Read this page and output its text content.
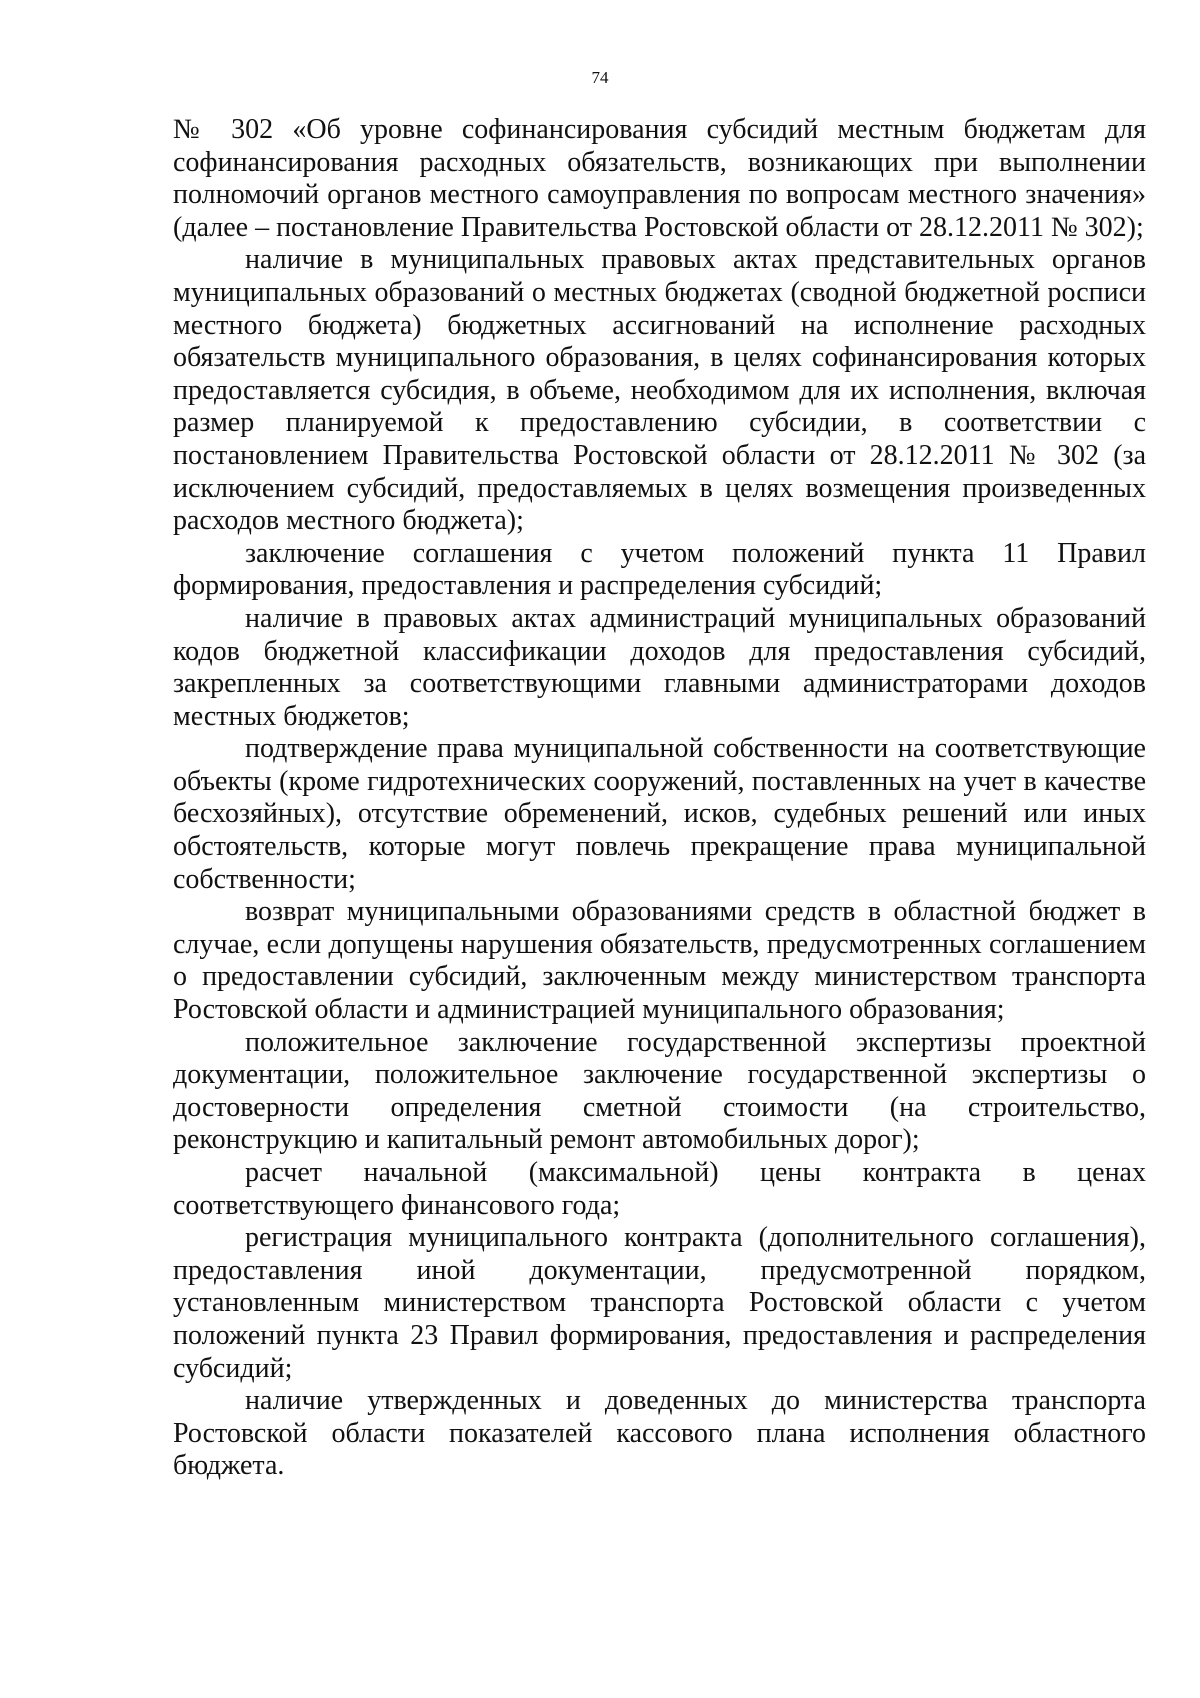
74

№ 302 «Об уровне софинансирования субсидий местным бюджетам для софинансирования расходных обязательств, возникающих при выполнении полномочий органов местного самоуправления по вопросам местного значения» (далее – постановление Правительства Ростовской области от 28.12.2011 № 302);

наличие в муниципальных правовых актах представительных органов муниципальных образований о местных бюджетах (сводной бюджетной росписи местного бюджета) бюджетных ассигнований на исполнение расходных обязательств муниципального образования, в целях софинансирования которых предоставляется субсидия, в объеме, необходимом для их исполнения, включая размер планируемой к предоставлению субсидии, в соответствии с постановлением Правительства Ростовской области от 28.12.2011 № 302 (за исключением субсидий, предоставляемых в целях возмещения произведенных расходов местного бюджета);

заключение соглашения с учетом положений пункта 11 Правил формирования, предоставления и распределения субсидий;

наличие в правовых актах администраций муниципальных образований кодов бюджетной классификации доходов для предоставления субсидий, закрепленных за соответствующими главными администраторами доходов местных бюджетов;

подтверждение права муниципальной собственности на соответствующие объекты (кроме гидротехнических сооружений, поставленных на учет в качестве бесхозяйных), отсутствие обременений, исков, судебных решений или иных обстоятельств, которые могут повлечь прекращение права муниципальной собственности;

возврат муниципальными образованиями средств в областной бюджет в случае, если допущены нарушения обязательств, предусмотренных соглашением о предоставлении субсидий, заключенным между министерством транспорта Ростовской области и администрацией муниципального образования;

положительное заключение государственной экспертизы проектной документации, положительное заключение государственной экспертизы о достоверности определения сметной стоимости (на строительство, реконструкцию и капитальный ремонт автомобильных дорог);

расчет начальной (максимальной) цены контракта в ценах соответствующего финансового года;

регистрация муниципального контракта (дополнительного соглашения), предоставления иной документации, предусмотренной порядком, установленным министерством транспорта Ростовской области с учетом положений пункта 23 Правил формирования, предоставления и распределения субсидий;

наличие утвержденных и доведенных до министерства транспорта Ростовской области показателей кассового плана исполнения областного бюджета.
